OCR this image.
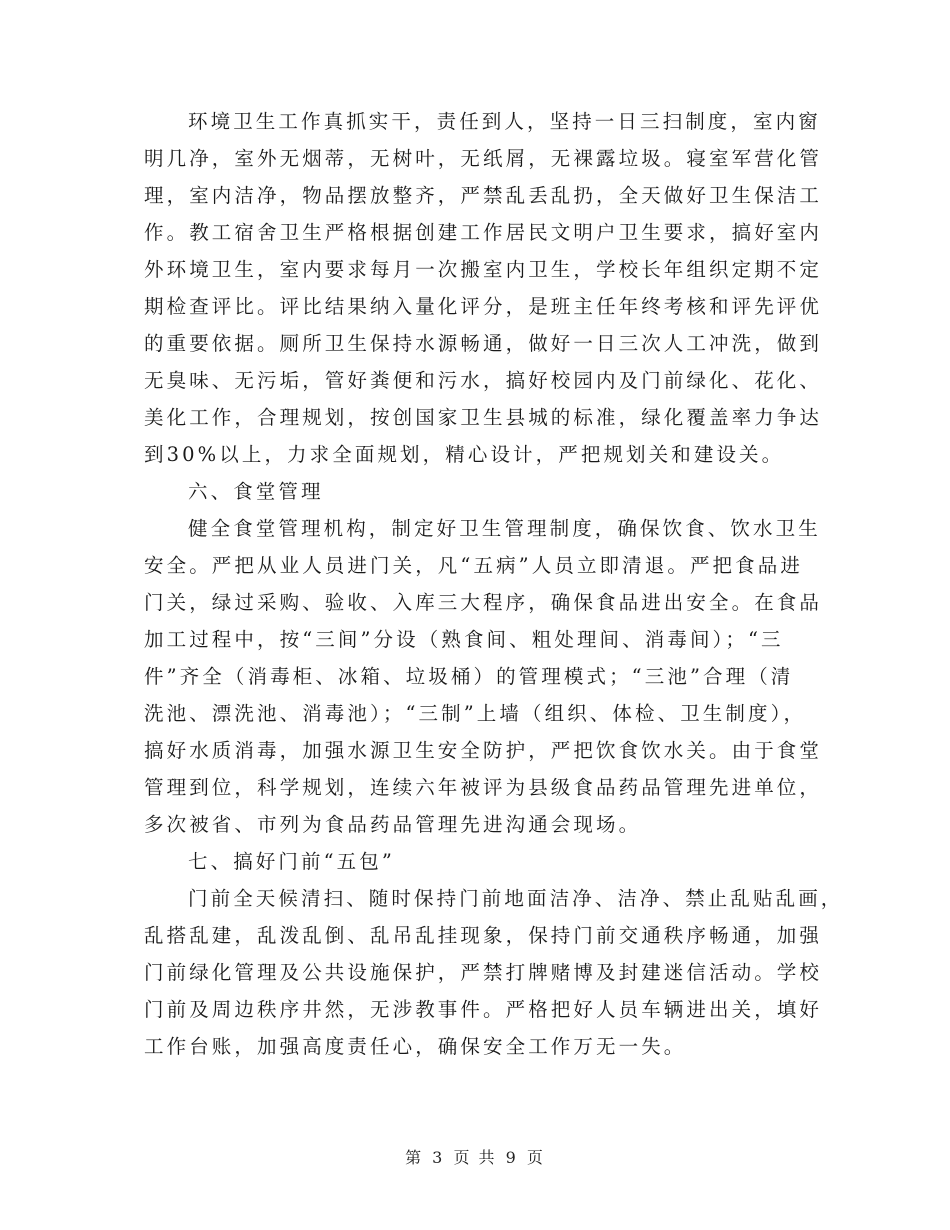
环境卫生工作真抓实干，责任到人，坚持一日三扫制度，室内窗
明几净，室外无烟蒂，无树叶，无纸屑，无裸露垃圾。寝室军营化管
理，室内洁净，物品摆放整齐，严禁乱丢乱扔，全天做好卫生保洁工
作。教工宿舍卫生严格根据创建工作居民文明户卫生要求，搞好室内
外环境卫生，室内要求每月一次搬室内卫生，学校长年组织定期不定
期检查评比。评比结果纳入量化评分，是班主任年终考核和评先评优
的重要依据。厕所卫生保持水源畅通，做好一日三次人工冲洗，做到
无臭味、无污垢，管好粪便和污水，搞好校园内及门前绿化、花化、
美化工作，合理规划，按创国家卫生县城的标准，绿化覆盖率力争达
到30%以上，力求全面规划，精心设计，严把规划关和建设关。
六、食堂管理
健全食堂管理机构，制定好卫生管理制度，确保饮食、饮水卫生
安全。严把从业人员进门关，凡“五病”人员立即清退。严把食品进
门关，绿过采购、验收、入库三大程序，确保食品进出安全。在食品
加工过程中，按“三间”分设（熟食间、粗处理间、消毒间）；“三
件”齐全（消毒柜、冰箱、垃圾桶）的管理模式；“三池”合理（清
洗池、漂洗池、消毒池）；“三制”上墙（组织、体检、卫生制度），
搞好水质消毒，加强水源卫生安全防护，严把饮食饮水关。由于食堂
管理到位，科学规划，连续六年被评为县级食品药品管理先进单位，
多次被省、市列为食品药品管理先进沟通会现场。
七、搞好门前“五包”
门前全天候清扫、随时保持门前地面洁净、洁净、禁止乱贴乱画，
乱搭乱建，乱泼乱倒、乱吊乱挂现象，保持门前交通秩序畅通，加强
门前绿化管理及公共设施保护，严禁打牌赌博及封建迷信活动。学校
门前及周边秩序井然，无涉教事件。严格把好人员车辆进出关，填好
工作台账，加强高度责任心，确保安全工作万无一失。
第 3 页 共 9 页
